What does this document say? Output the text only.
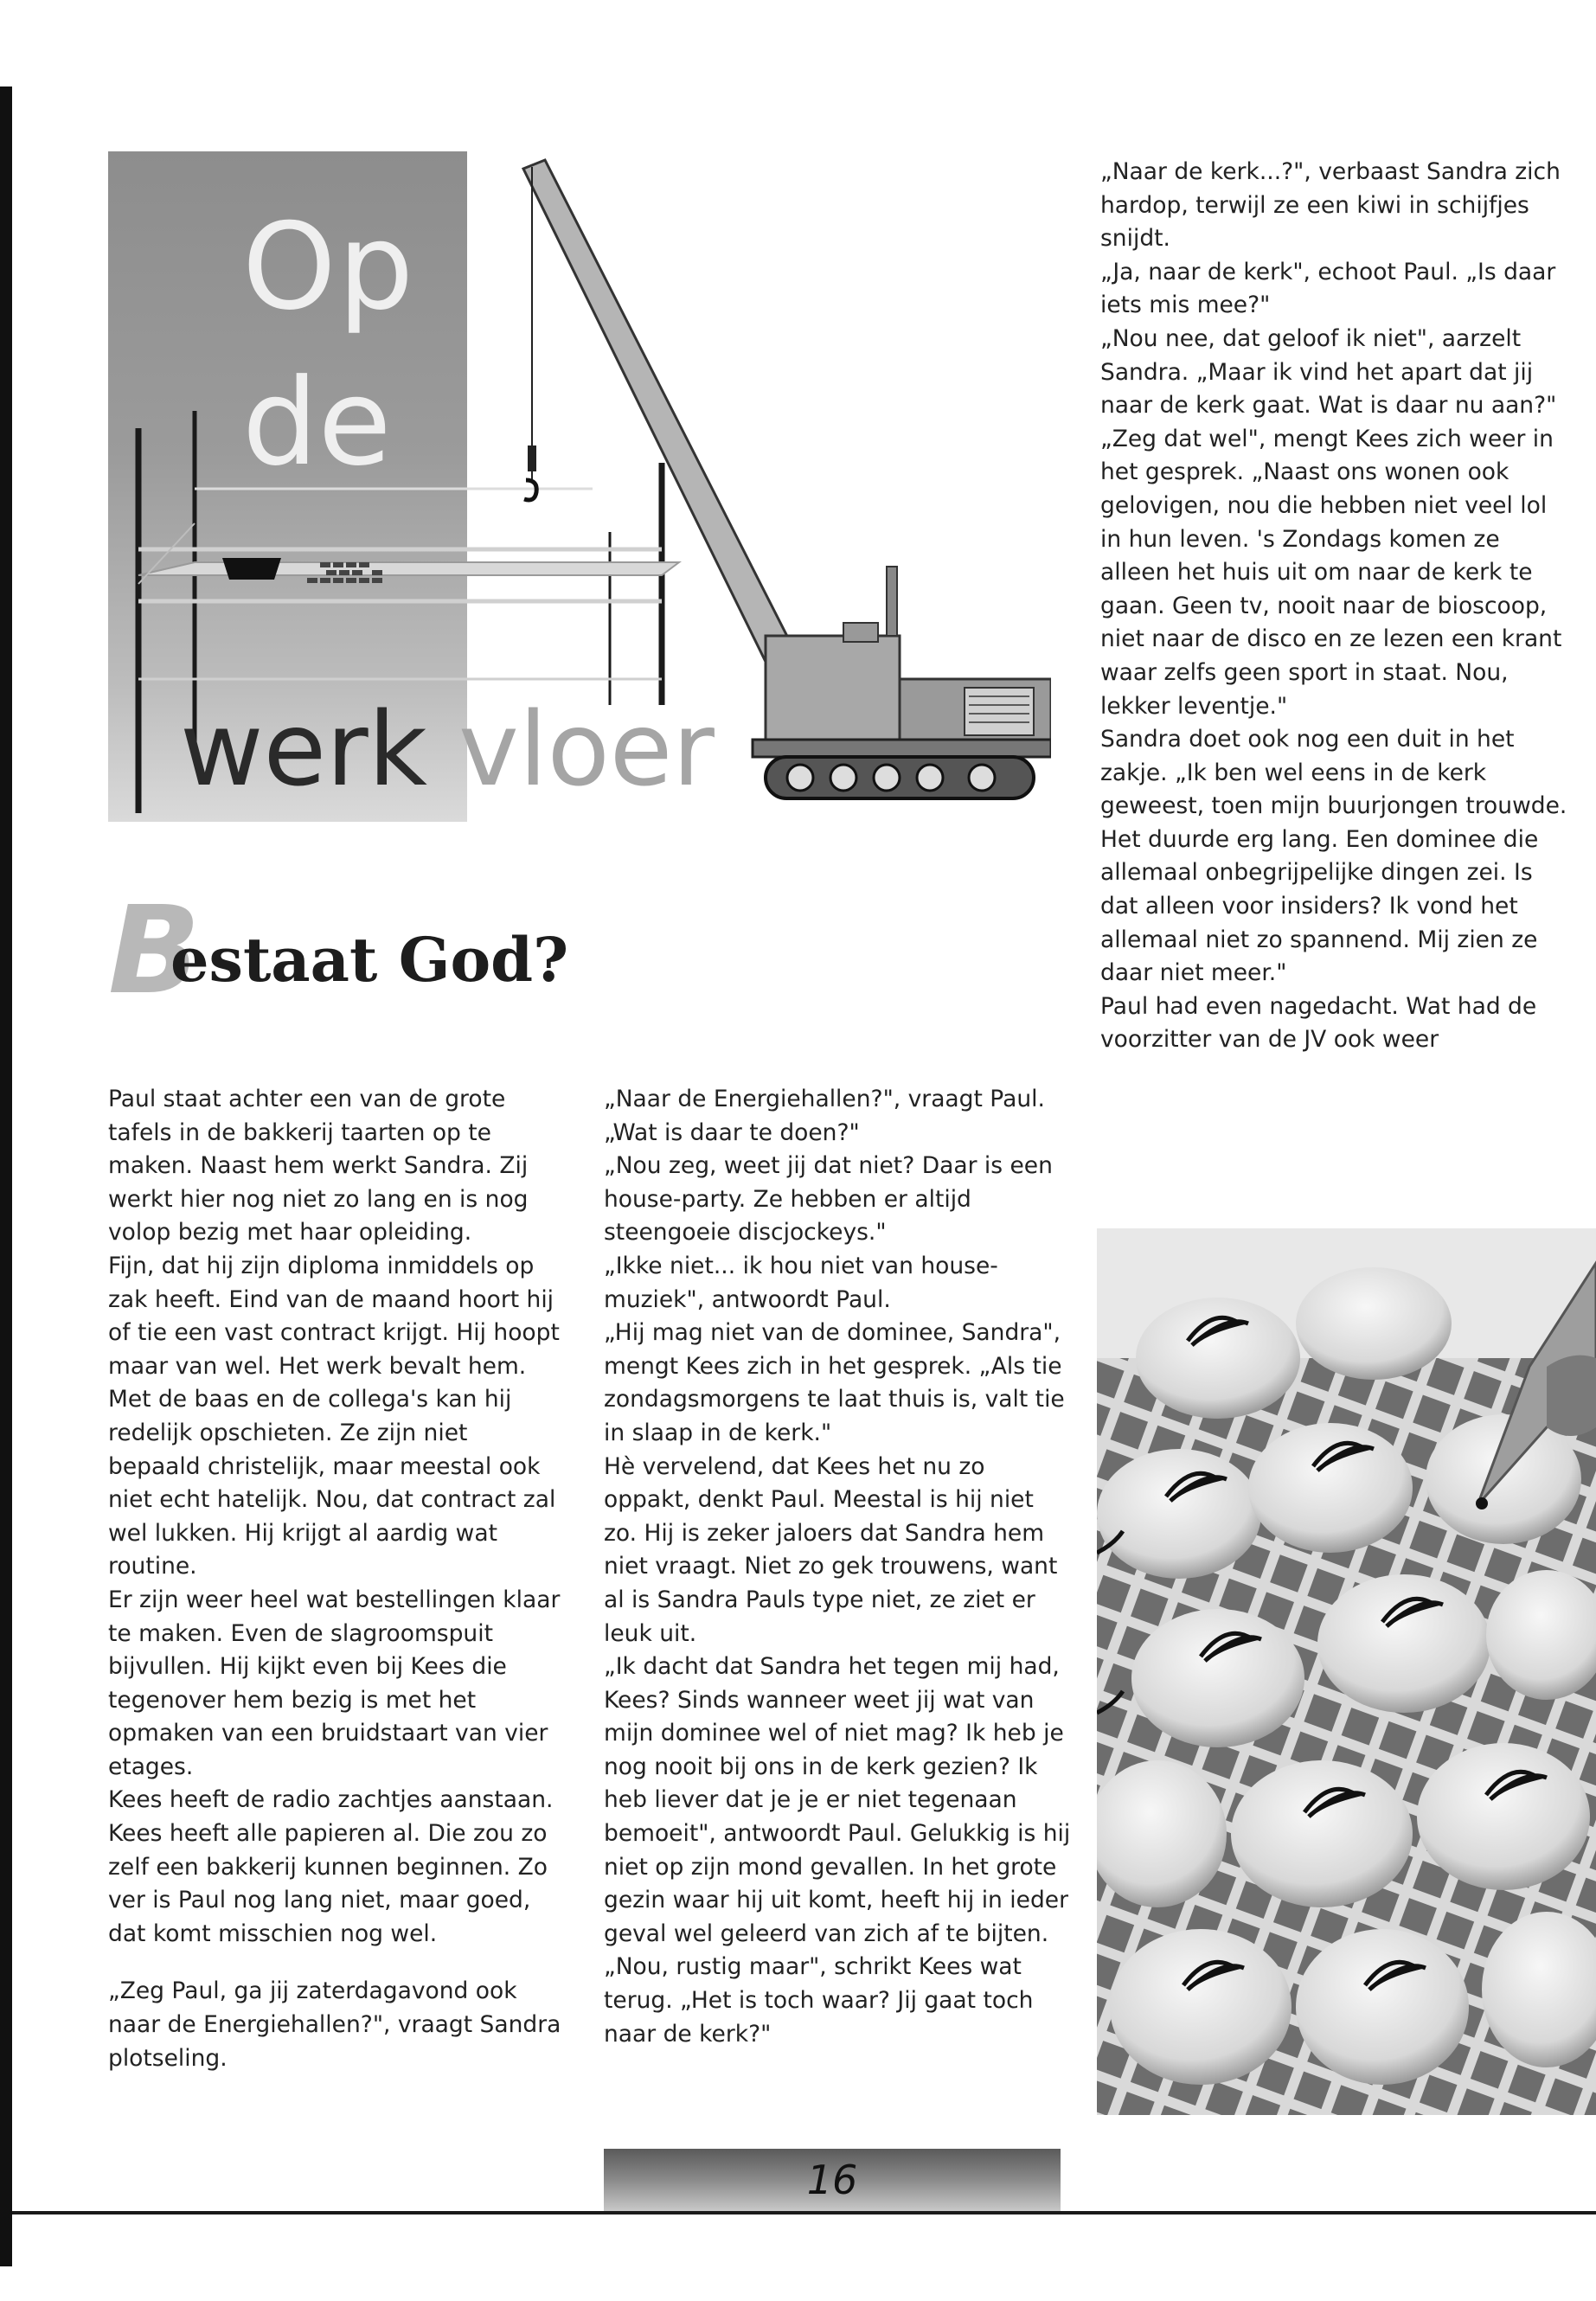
Op
de
werk vloer
B
estaat God?

Paul staat achter een van de grote tafels in de bakkerij taarten op te maken. Naast hem werkt Sandra. Zij werkt hier nog niet zo lang en is nog volop bezig met haar opleiding.

Fijn, dat hij zijn diploma inmiddels op zak heeft. Eind van de maand hoort hij of tie een vast contract krijgt. Hij hoopt maar van wel. Het werk bevalt hem. Met de baas en de collega's kan hij redelijk opschieten. Ze zijn niet bepaald christelijk, maar meestal ook niet echt hatelijk. Nou, dat contract zal wel lukken. Hij krijgt al aardig wat routine.

Er zijn weer heel wat bestellingen klaar te maken. Even de slagroomspuit bijvullen. Hij kijkt even bij Kees die tegenover hem bezig is met het opmaken van een bruidstaart van vier etages.

Kees heeft de radio zachtjes aanstaan. Kees heeft alle papieren al. Die zou zo zelf een bakkerij kunnen beginnen. Zo ver is Paul nog lang niet, maar goed, dat komt misschien nog wel.

„Zeg Paul, ga jij zaterdagavond ook naar de Energiehallen?", vraagt Sandra plotseling.

„Naar de Energiehallen?", vraagt Paul. „Wat is daar te doen?"

„Nou zeg, weet jij dat niet? Daar is een house-party. Ze hebben er altijd steengoeie discjockeys."

„Ikke niet... ik hou niet van housemuziek", antwoordt Paul.

„Hij mag niet van de dominee, Sandra", mengt Kees zich in het gesprek. „Als tie zondagsmorgens te laat thuis is, valt tie in slaap in de kerk."

Hè vervelend, dat Kees het nu zo oppakt, denkt Paul. Meestal is hij niet zo. Hij is zeker jaloers dat Sandra hem niet vraagt. Niet zo gek trouwens, want al is Sandra Pauls type niet, ze ziet er leuk uit.

„Ik dacht dat Sandra het tegen mij had, Kees? Sinds wanneer weet jij wat van mijn dominee wel of niet mag? Ik heb je nog nooit bij ons in de kerk gezien? Ik heb liever dat je je er niet tegenaan bemoeit", antwoordt Paul. Gelukkig is hij niet op zijn mond gevallen. In het grote gezin waar hij uit komt, heeft hij in ieder geval wel geleerd van zich af te bijten.

„Nou, rustig maar", schrikt Kees wat terug. „Het is toch waar? Jij gaat toch naar de kerk?"

„Naar de kerk...?", verbaast Sandra zich hardop, terwijl ze een kiwi in schijfjes snijdt.

„Ja, naar de kerk", echoot Paul. „Is daar iets mis mee?"

„Nou nee, dat geloof ik niet", aarzelt Sandra. „Maar ik vind het apart dat jij naar de kerk gaat. Wat is daar nu aan?"

„Zeg dat wel", mengt Kees zich weer in het gesprek. „Naast ons wonen ook gelovigen, nou die hebben niet veel lol in hun leven. 's Zondags komen ze alleen het huis uit om naar de kerk te gaan. Geen tv, nooit naar de bioscoop, niet naar de disco en ze lezen een krant waar zelfs geen sport in staat. Nou, lekker leventje."

Sandra doet ook nog een duit in het zakje. „Ik ben wel eens in de kerk geweest, toen mijn buurjongen trouwde. Het duurde erg lang. Een dominee die allemaal onbegrijpelijke dingen zei. Is dat alleen voor insiders? Ik vond het allemaal niet zo spannend. Mij zien ze daar niet meer."

Paul had even nagedacht. Wat had de voorzitter van de JV ook weer

16
